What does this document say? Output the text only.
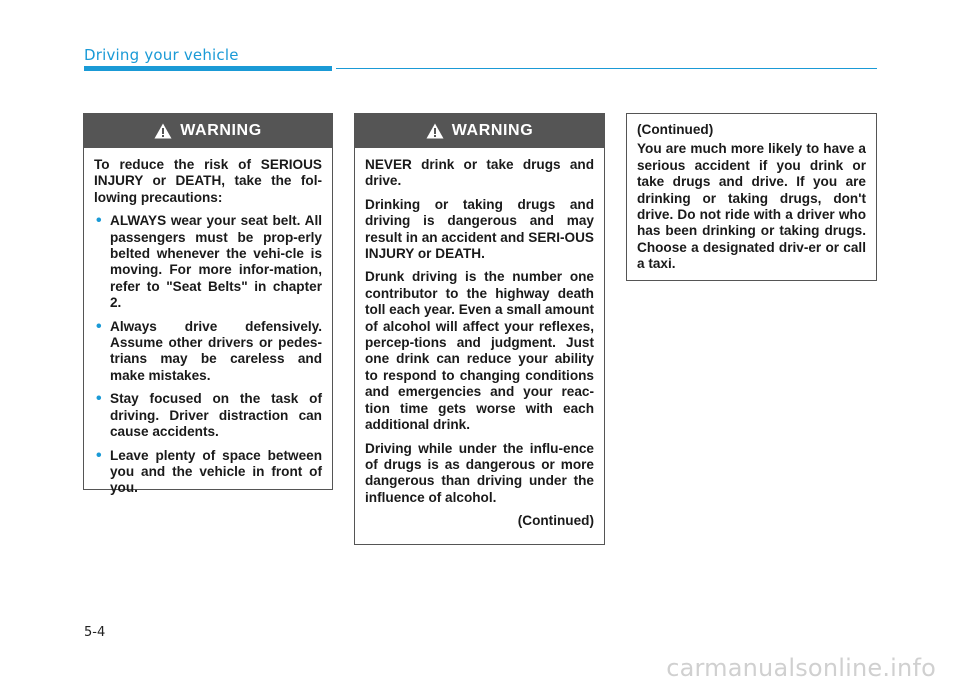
Driving your vehicle
WARNING

To reduce the risk of SERIOUS INJURY or DEATH, take the fol-lowing precautions:

• ALWAYS wear your seat belt. All passengers must be prop-erly belted whenever the vehi-cle is moving. For more infor-mation, refer to "Seat Belts" in chapter 2.
• Always drive defensively. Assume other drivers or pedes-trians may be careless and make mistakes.
• Stay focused on the task of driving. Driver distraction can cause accidents.
• Leave plenty of space between you and the vehicle in front of you.
WARNING

NEVER drink or take drugs and drive.

Drinking or taking drugs and driving is dangerous and may result in an accident and SERI-OUS INJURY or DEATH.

Drunk driving is the number one contributor to the highway death toll each year. Even a small amount of alcohol will affect your reflexes, percep-tions and judgment. Just one drink can reduce your ability to respond to changing conditions and emergencies and your reac-tion time gets worse with each additional drink.

Driving while under the influ-ence of drugs is as dangerous or more dangerous than driving under the influence of alcohol.

(Continued)

(Continued)

You are much more likely to have a serious accident if you drink or take drugs and drive. If you are drinking or taking drugs, don't drive. Do not ride with a driver who has been drinking or taking drugs. Choose a designated driv-er or call a taxi.

5-4
carmanualsonline.info
